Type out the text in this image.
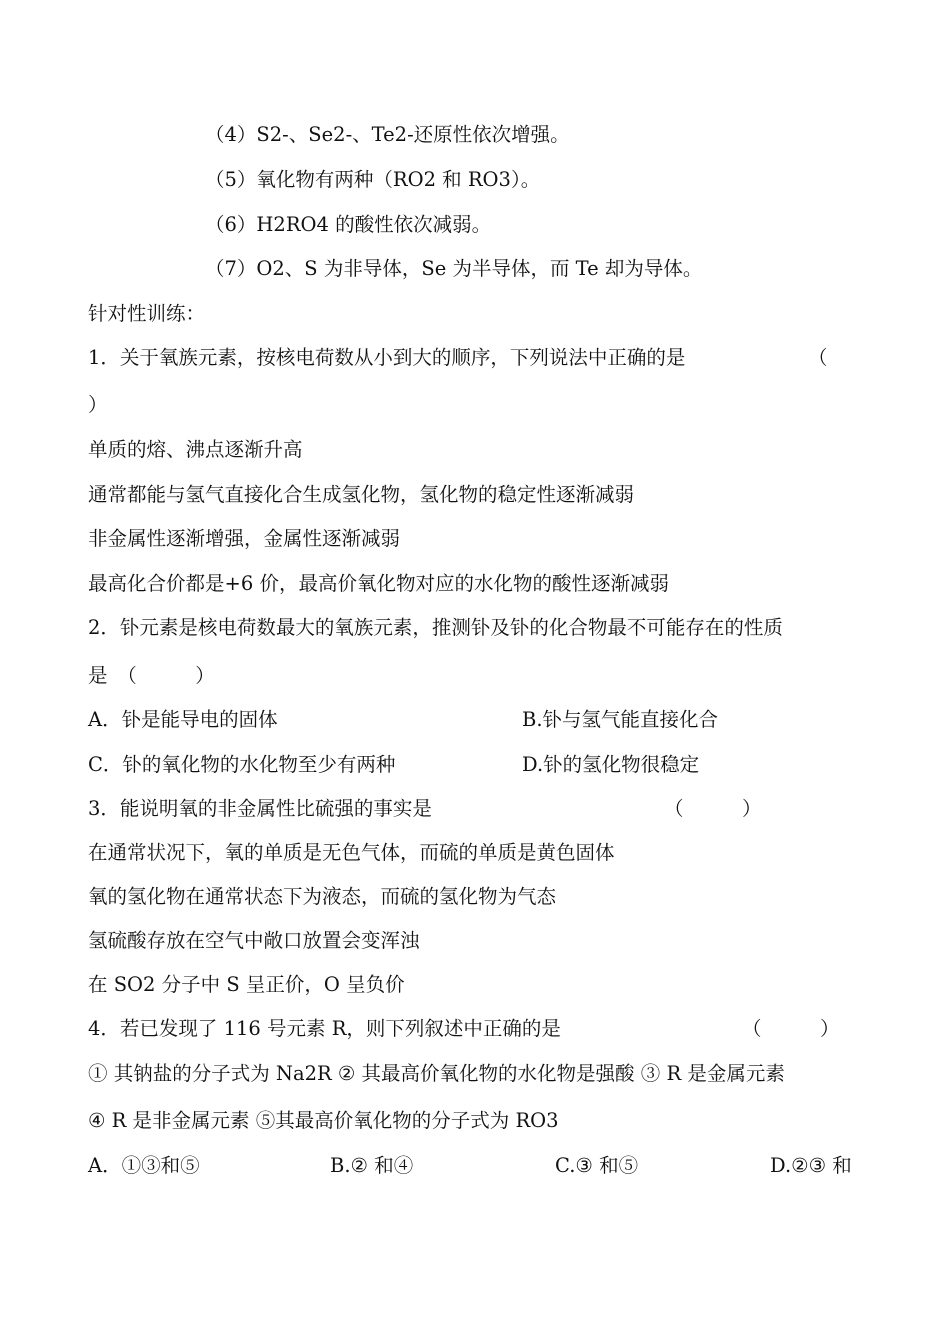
（4）S2-、Se2-、Te2-还原性依次增强。
（5）氧化物有两种（RO2 和 RO3）。
（6）H2RO4 的酸性依次减弱。
（7）O2、S 为非导体，Se 为半导体，而 Te 却为导体。
针对性训练：
1．关于氧族元素，按核电荷数从小到大的顺序，下列说法中正确的是	（
）
单质的熔、沸点逐渐升高
通常都能与氢气直接化合生成氢化物，氢化物的稳定性逐渐减弱
非金属性逐渐增强，金属性逐渐减弱
最高化合价都是+6 价，最高价氧化物对应的水化物的酸性逐渐减弱
2．钋元素是核电荷数最大的氧族元素，推测钋及钋的化合物最不可能存在的性质
是　（　　　）
A．钋是能导电的固体	B.钋与氢气能直接化合
C．钋的氧化物的水化物至少有两种	D.钋的氢化物很稳定
3．能说明氧的非金属性比硫强的事实是	（　　　）
在通常状况下，氧的单质是无色气体，而硫的单质是黄色固体
氧的氢化物在通常状态下为液态，而硫的氢化物为气态
氢硫酸存放在空气中敞口放置会变浑浊
在 SO2 分子中 S 呈正价，O 呈负价
4．若已发现了 116 号元素 R，则下列叙述中正确的是	（　　　）
① 其钠盐的分子式为 Na2R ② 其最高价氧化物的水化物是强酸 ③ R 是金属元素
④ R 是非金属元素 ⑤其最高价氧化物的分子式为 RO3
A．①③和⑤	B.② 和④	C.③ 和⑤	D.②③ 和
